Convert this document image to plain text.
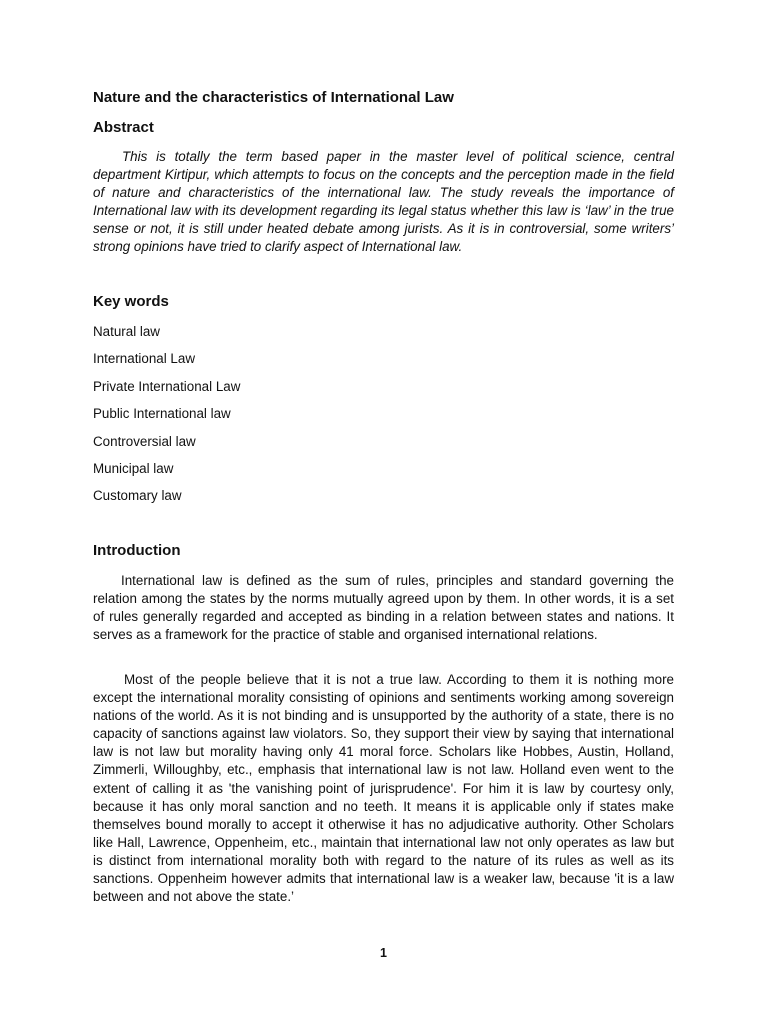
Nature and the characteristics of International Law
Abstract

This is totally the term based paper in the master level of political science, central department Kirtipur, which attempts to focus on the concepts and the perception made in the field of nature and characteristics of the international law. The study reveals the importance of International law with its development regarding its legal status whether this law is ‘law’ in the true sense or not, it is still under heated debate among jurists. As it is in controversial, some writers’ strong opinions have tried to clarify aspect of International law.

Key words
Natural law
International Law
Private International Law
Public International law
Controversial law
Municipal law
Customary law
Introduction

International law is defined as the sum of rules, principles and standard governing the relation among the states by the norms mutually agreed upon by them. In other words, it is a set of rules generally regarded and accepted as binding in a relation between states and nations. It serves as a framework for the practice of stable and organised international relations.

Most of the people believe that it is not a true law. According to them it is nothing more except the international morality consisting of opinions and sentiments working among sovereign nations of the world. As it is not binding and is unsupported by the authority of a state, there is no capacity of sanctions against law violators. So, they support their view by saying that international law is not law but morality having only 41 moral force. Scholars like Hobbes, Austin, Holland, Zimmerli, Willoughby, etc., emphasis that international law is not law. Holland even went to the extent of calling it as 'the vanishing point of jurisprudence'. For him it is law by courtesy only, because it has only moral sanction and no teeth. It means it is applicable only if states make themselves bound morally to accept it otherwise it has no adjudicative authority. Other Scholars like Hall, Lawrence, Oppenheim, etc., maintain that international law not only operates as law but is distinct from international morality both with regard to the nature of its rules as well as its sanctions. Oppenheim however admits that international law is a weaker law, because 'it is a law between and not above the state.’

1
